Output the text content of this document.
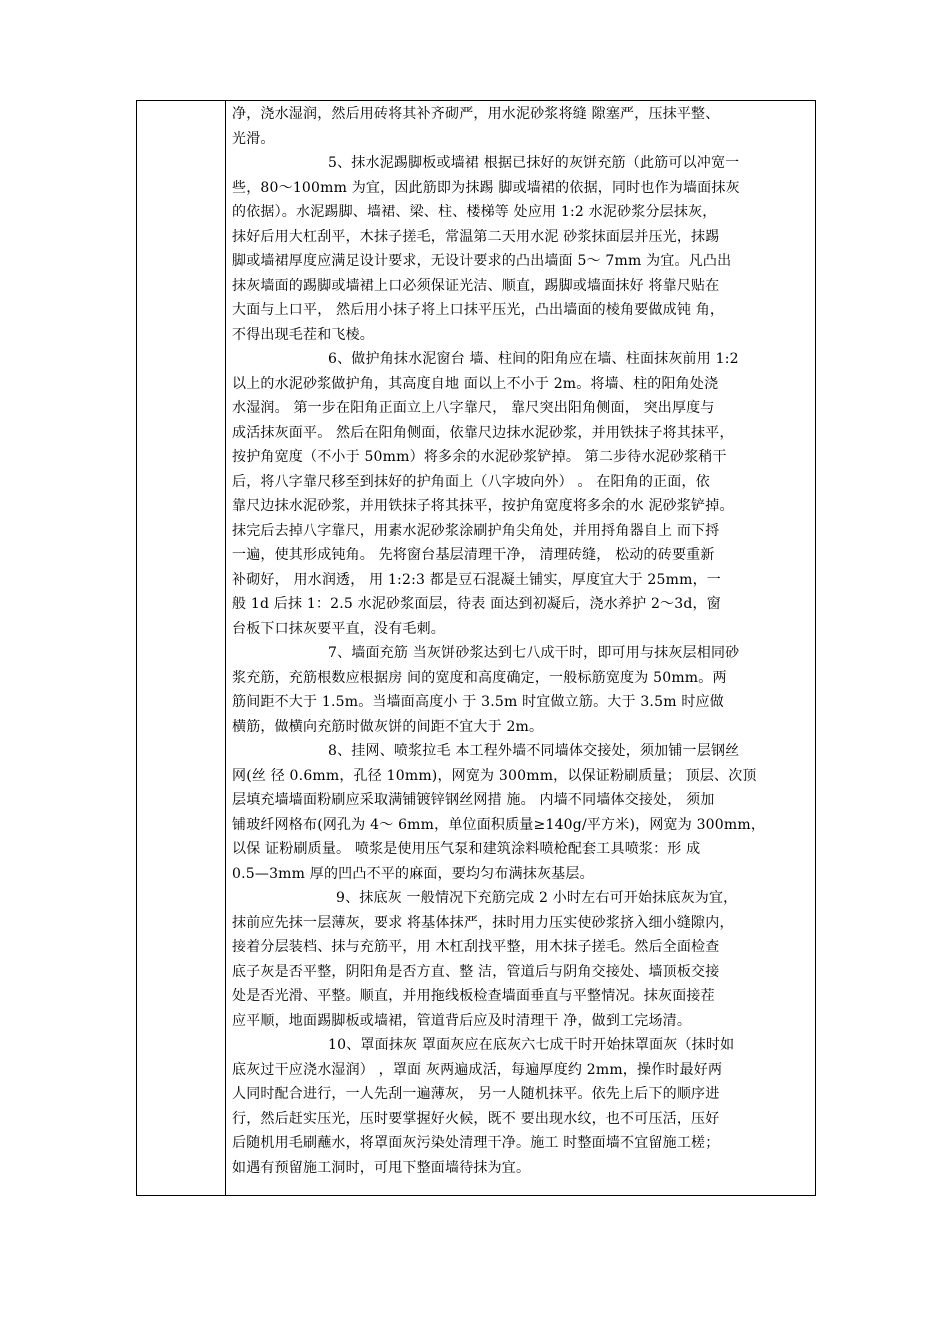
净，浇水湿润，然后用砖将其补齐砌严，用水泥砂浆将缝 隙塞严，压抹平整、
光滑。
5、抹水泥踢脚板或墙裙 根据已抹好的灰饼充筋（此筋可以冲宽一
些，80～100mm 为宜，因此筋即为抹踢 脚或墙裙的依据，同时也作为墙面抹灰
的依据）。水泥踢脚、墙裙、梁、柱、楼梯等 处应用 1:2 水泥砂浆分层抹灰，
抹好后用大杠刮平，木抹子搓毛，常温第二天用水泥 砂浆抹面层并压光，抹踢
脚或墙裙厚度应满足设计要求，无设计要求的凸出墙面 5～ 7mm 为宜。凡凸出
抹灰墙面的踢脚或墙裙上口必须保证光洁、顺直，踢脚或墙面抹好 将靠尺贴在
大面与上口平， 然后用小抹子将上口抹平压光，凸出墙面的棱角要做成钝 角，
不得出现毛茬和飞棱。
6、做护角抹水泥窗台 墙、柱间的阳角应在墙、柱面抹灰前用 1:2
以上的水泥砂浆做护角，其高度自地 面以上不小于 2m。将墙、柱的阳角处浇
水湿润。 第一步在阳角正面立上八字靠尺， 靠尺突出阳角侧面， 突出厚度与
成活抹灰面平。 然后在阳角侧面，依靠尺边抹水泥砂浆，并用铁抹子将其抹平，
按护角宽度（不小于 50mm）将多余的水泥砂浆铲掉。 第二步待水泥砂浆稍干
后，将八字靠尺移至到抹好的护角面上（八字坡向外） 。 在阳角的正面，依
靠尺边抹水泥砂浆，并用铁抹子将其抹平，按护角宽度将多余的水 泥砂浆铲掉。
抹完后去掉八字靠尺，用素水泥砂浆涂刷护角尖角处，并用捋角器自上 而下捋
一遍，使其形成钝角。 先将窗台基层清理干净， 清理砖缝， 松动的砖要重新
补砌好， 用水润透， 用 1:2:3 都是豆石混凝土铺实，厚度宜大于 25mm，一
般 1d 后抹 1：2.5 水泥砂浆面层，待表 面达到初凝后，浇水养护 2～3d，窗
台板下口抹灰要平直，没有毛刺。
7、墙面充筋 当灰饼砂浆达到七八成干时，即可用与抹灰层相同砂
浆充筋，充筋根数应根据房 间的宽度和高度确定，一般标筋宽度为 50mm。两
筋间距不大于 1.5m。当墙面高度小 于 3.5m 时宜做立筋。大于 3.5m 时应做
横筋，做横向充筋时做灰饼的间距不宜大于 2m。
8、挂网、喷浆拉毛 本工程外墙不同墙体交接处，须加铺一层钢丝
网(丝 径 0.6mm，孔径 10mm)，网宽为 300mm，以保证粉刷质量； 顶层、次顶
层填充墙墙面粉刷应采取满铺镀锌钢丝网措 施。 内墙不同墙体交接处， 须加
铺玻纤网格布(网孔为 4～ 6mm，单位面积质量≥140g/平方米)，网宽为 300mm，
以保 证粉刷质量。 喷浆是使用压气泵和建筑涂料喷枪配套工具喷浆：形 成
0.5—3mm 厚的凹凸不平的麻面，要均匀布满抹灰基层。
9、抹底灰 一般情况下充筋完成 2 小时左右可开始抹底灰为宜，
抹前应先抹一层薄灰，要求 将基体抹严，抹时用力压实使砂浆挤入细小缝隙内，
接着分层装档、抹与充筋平，用 木杠刮找平整，用木抹子搓毛。然后全面检查
底子灰是否平整，阴阳角是否方直、整 洁，管道后与阴角交接处、墙顶板交接
处是否光滑、平整。顺直，并用拖线板检查墙面垂直与平整情况。抹灰面接茬
应平顺，地面踢脚板或墙裙，管道背后应及时清理干 净，做到工完场清。
10、罩面抹灰 罩面灰应在底灰六七成干时开始抹罩面灰（抹时如
底灰过干应浇水湿润） ，罩面 灰两遍成活，每遍厚度约 2mm，操作时最好两
人同时配合进行，一人先刮一遍薄灰， 另一人随机抹平。依先上后下的顺序进
行，然后赶实压光，压时要掌握好火候，既不 要出现水纹，也不可压活，压好
后随机用毛刷蘸水，将罩面灰污染处清理干净。施工 时整面墙不宜留施工槎；
如遇有预留施工洞时，可甩下整面墙待抹为宜。
